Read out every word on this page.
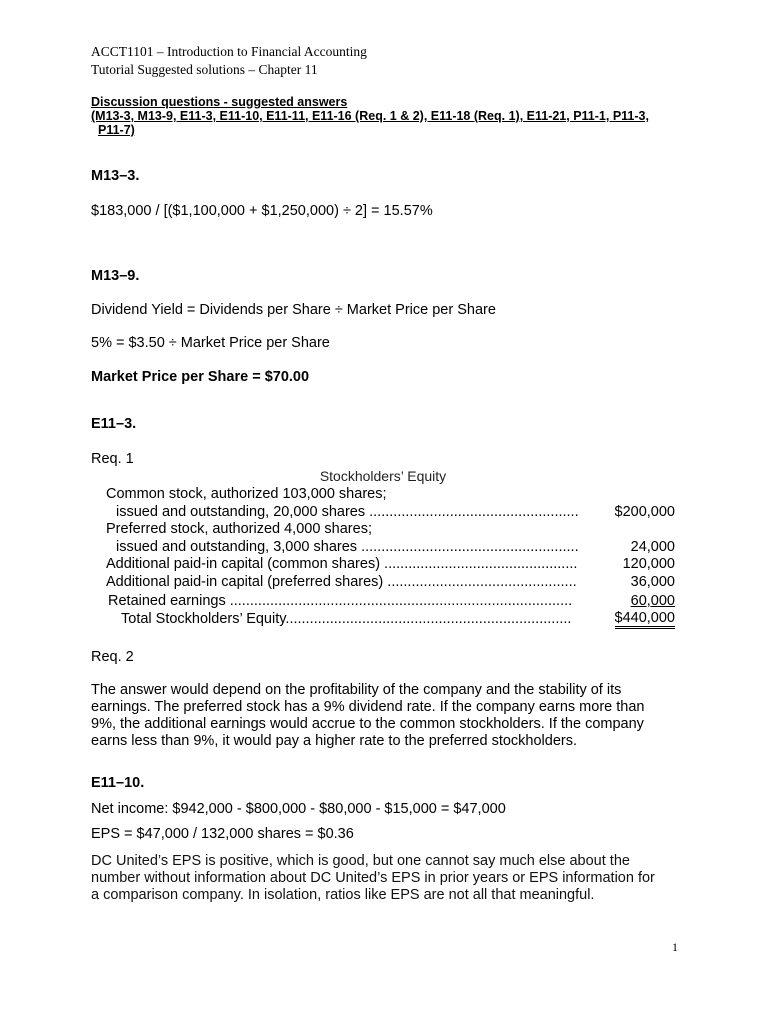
ACCT1101 – Introduction to Financial Accounting
Tutorial Suggested solutions – Chapter 11
Discussion questions - suggested answers
(M13-3, M13-9, E11-3, E11-10, E11-11, E11-16 (Req. 1 & 2), E11-18 (Req. 1), E11-21, P11-1, P11-3,
P11-7)
M13–3.
$183,000 / [($1,100,000 + $1,250,000) ÷ 2] = 15.57%
M13–9.
Dividend Yield = Dividends per Share ÷ Market Price per Share
5% = $3.50 ÷ Market Price per Share
Market Price per Share = $70.00
E11–3.
Req. 1
Stockholders’ Equity
Common stock, authorized 103,000 shares;
issued and outstanding, 20,000 shares ....................................................	$200,000
Preferred stock, authorized 4,000 shares;
issued and outstanding, 3,000 shares ......................................................	24,000
Additional paid-in capital (common shares) ................................................	120,000
Additional paid-in capital (preferred shares) ...............................................	36,000
Retained earnings .....................................................................................	60,000
Total Stockholders’ Equity.......................................................................	$440,000
Req. 2
The answer would depend on the profitability of the company and the stability of its
earnings. The preferred stock has a 9% dividend rate. If the company earns more than
9%, the additional earnings would accrue to the common stockholders. If the company
earns less than 9%, it would pay a higher rate to the preferred stockholders.
E11–10.
Net income: $942,000 - $800,000 - $80,000 - $15,000 = $47,000
EPS = $47,000 / 132,000 shares = $0.36
DC United’s EPS is positive, which is good, but one cannot say much else about the
number without information about DC United’s EPS in prior years or EPS information for
a comparison company. In isolation, ratios like EPS are not all that meaningful.
1
